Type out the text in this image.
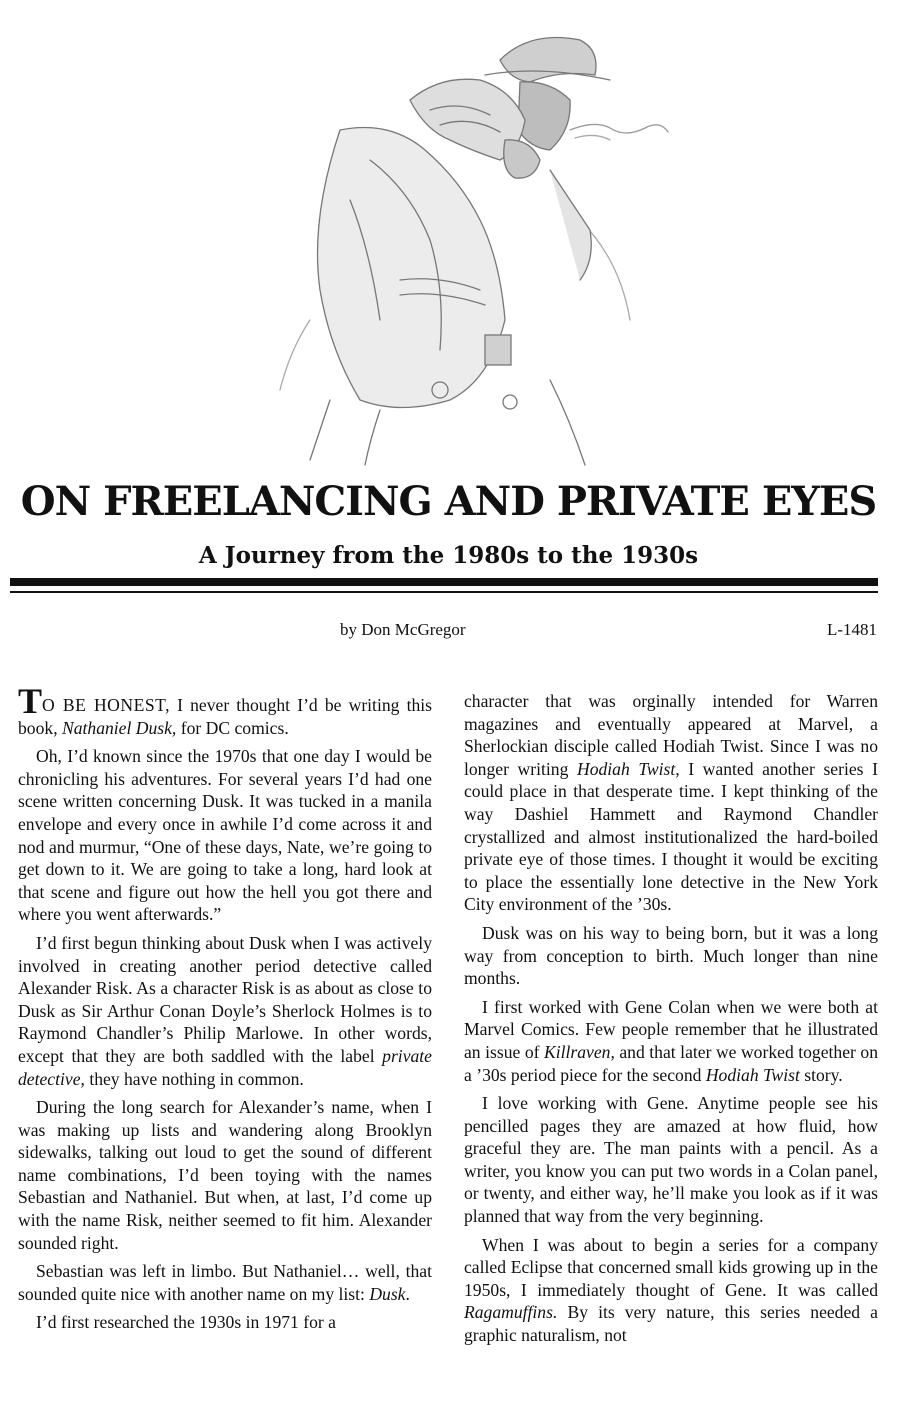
ON FREELANCING AND PRIVATE EYES
A Journey from the 1980s to the 1930s
by Don McGregor	L-1481

TO BE HONEST, I never thought I’d be writing this book, Nathaniel Dusk, for DC comics.

Oh, I’d known since the 1970s that one day I would be chronicling his adventures. For several years I’d had one scene written concerning Dusk. It was tucked in a manila envelope and every once in awhile I’d come across it and nod and murmur, “One of these days, Nate, we’re going to get down to it. We are going to take a long, hard look at that scene and figure out how the hell you got there and where you went afterwards.”

I’d first begun thinking about Dusk when I was actively involved in creating another period detective called Alexander Risk. As a character Risk is as about as close to Dusk as Sir Arthur Conan Doyle’s Sherlock Holmes is to Raymond Chandler’s Philip Marlowe. In other words, except that they are both saddled with the label private detective, they have nothing in common.

During the long search for Alexander’s name, when I was making up lists and wandering along Brooklyn sidewalks, talking out loud to get the sound of different name combinations, I’d been toying with the names Sebastian and Nathaniel. But when, at last, I’d come up with the name Risk, neither seemed to fit him. Alexander sounded right.

Sebastian was left in limbo. But Nathaniel… well, that sounded quite nice with another name on my list: Dusk.

I’d first researched the 1930s in 1971 for a

character that was orginally intended for Warren magazines and eventually appeared at Marvel, a Sherlockian disciple called Hodiah Twist. Since I was no longer writing Hodiah Twist, I wanted another series I could place in that desperate time. I kept thinking of the way Dashiel Hammett and Raymond Chandler crystallized and almost institutionalized the hard-boiled private eye of those times. I thought it would be exciting to place the essentially lone detective in the New York City environment of the ’30s.

Dusk was on his way to being born, but it was a long way from conception to birth. Much longer than nine months.

I first worked with Gene Colan when we were both at Marvel Comics. Few people remember that he illustrated an issue of Killraven, and that later we worked together on a ’30s period piece for the second Hodiah Twist story.

I love working with Gene. Anytime people see his pencilled pages they are amazed at how fluid, how graceful they are. The man paints with a pencil. As a writer, you know you can put two words in a Colan panel, or twenty, and either way, he’ll make you look as if it was planned that way from the very beginning.

When I was about to begin a series for a company called Eclipse that concerned small kids growing up in the 1950s, I immediately thought of Gene. It was called Ragamuffins. By its very nature, this series needed a graphic naturalism, not
